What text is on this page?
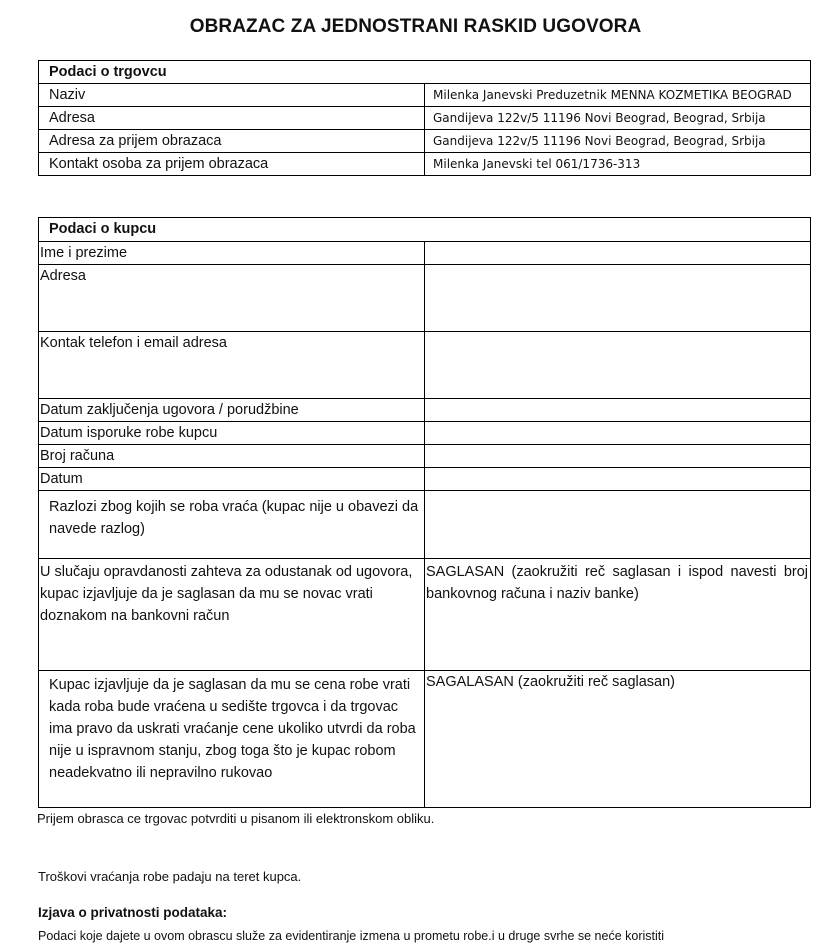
OBRAZAC ZA JEDNOSTRANI RASKID UGOVORA
Podaci o trgovcu	
Naziv	Milenka Janevski Preduzetnik MENNA KOZMETIKA BEOGRAD
Adresa	Gandijeva 122v/5 11196 Novi Beograd, Beograd, Srbija
Adresa za prijem obrazaca	Gandijeva 122v/5 11196 Novi Beograd, Beograd, Srbija
Kontakt osoba za prijem obrazaca	Milenka Janevski tel 061/1736-313
Podaci o kupcu	
Ime i prezime	
Adresa	
Kontak telefon i email adresa	
Datum zaključenja ugovora / porudžbine	
Datum isporuke robe kupcu	
Broj računa	
Datum	
Razlozi zbog kojih se roba vraća (kupac nije u obavezi da navede razlog)	
U slučaju opravdanosti zahteva za odustanak od ugovora, kupac izjavljuje da je saglasan da mu se novac vrati doznakom na bankovni račun	SAGLASAN (zaokružiti reč saglasan i ispod navesti broj bankovnog računa i naziv banke)
Kupac izjavljuje da je saglasan da mu se cena robe vrati kada roba bude vraćena u sedište trgovca i da trgovac ima pravo da uskrati vraćanje cene ukoliko utvrdi da roba nije u ispravnom stanju, zbog toga što je kupac robom neadekvatno ili nepravilno rukovao	SAGALASAN (zaokružiti reč saglasan)
Prijem obrasca ce trgovac potvrditi u pisanom ili elektronskom obliku.
Troškovi vraćanja robe padaju na teret kupca.
Izjava o privatnosti podataka:
Podaci koje dajete u ovom obrascu služe za evidentiranje izmena u prometu robe.i u druge svrhe se neće koristiti
